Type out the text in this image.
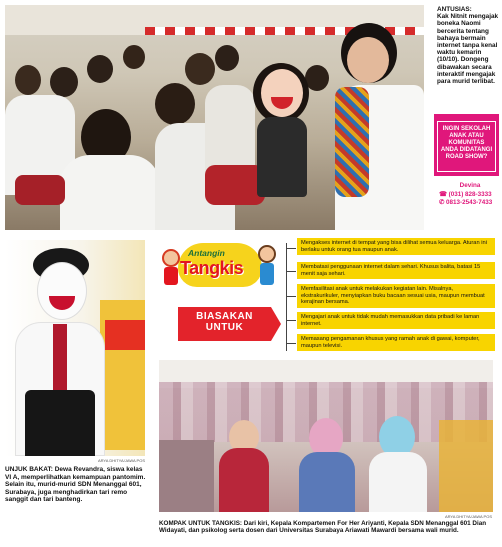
ANTUSIAS:
Kak Nitnit mengajak boneka Naomi bercerita tentang bahaya bermain internet tanpa kenal waktu kemarin (10/10). Dongeng dibawakan secara interaktif mengajak para murid terlibat.
INGIN SEKOLAH ANAK ATAU KOMUNITAS ANDA DIDATANGI ROAD SHOW?
Devina
☎ (031) 828-3333
✆ 0813-2543-7433
ARYA DHITYA/JAWA POS
UNJUK BAKAT: Dewa Revandra, siswa kelas VI A, memperlihatkan kemampuan pantomim. Selain itu, murid-murid SDN Menanggal 601, Surabaya, juga menghadirkan tari remo sanggit dan tari banteng.
Antangin
Tangkis
BIASAKAN
UNTUK
Mengakses internet di tempat yang bisa dilihat semua keluarga. Aturan ini berlaku untuk orang tua maupun anak.
Membatasi penggunaan internet dalam sehari. Khusus balita, batasi 15 menit saja sehari.
Memfasilitasi anak untuk melakukan kegiatan lain. Misalnya, ekstrakurikuler, menyiapkan buku bacaan sesuai usia, maupun membuat kerajinan bersama.
Mengajari anak untuk tidak mudah memasukkan data pribadi ke laman internet.
Memasang pengamanan khusus yang ramah anak di gawai, komputer, maupun televisi.
ARYA DHITYA/JAWA POS
KOMPAK UNTUK TANGKIS: Dari kiri, Kepala Kompartemen For Her Ariyanti, Kepala SDN Menanggal 601 Dian Widayati, dan psikolog serta dosen dari Universitas Surabaya Ariawati Mawardi bersama wali murid.
